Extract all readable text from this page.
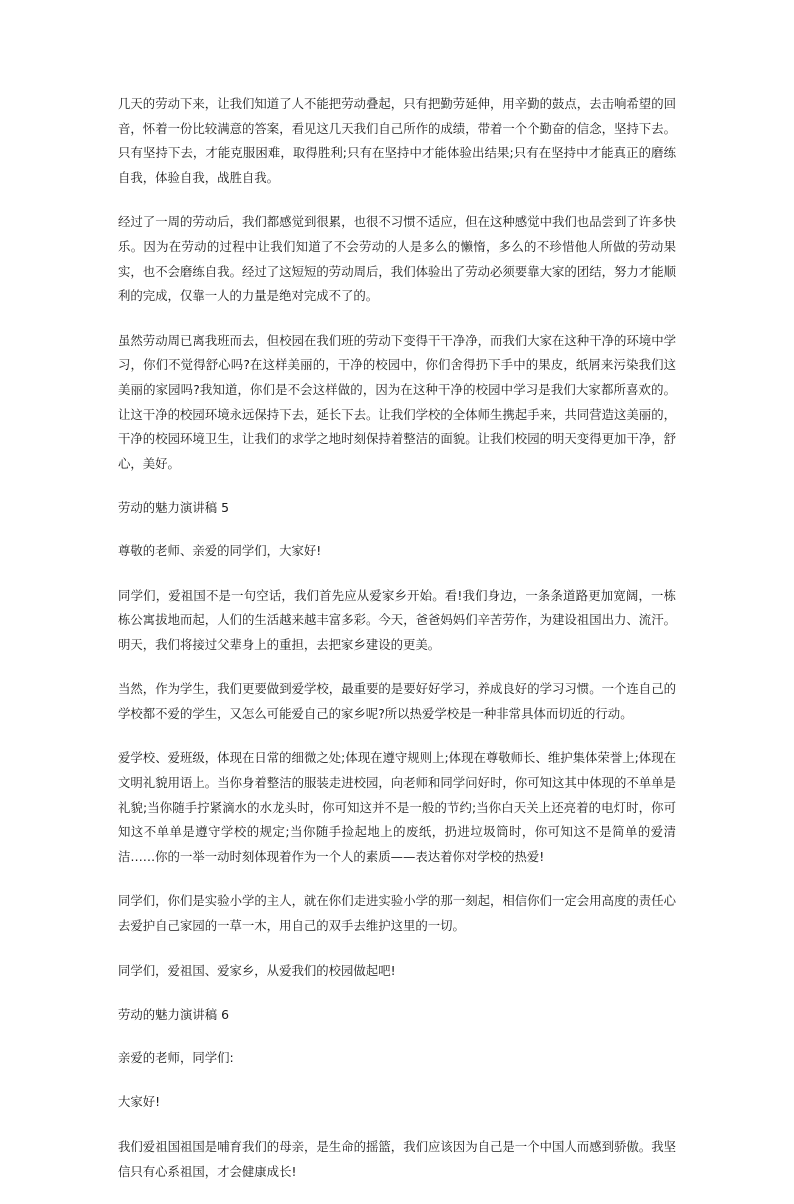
几天的劳动下来，让我们知道了人不能把劳动叠起，只有把勤劳延伸，用辛勤的鼓点，去击响希望的回音，怀着一份比较满意的答案，看见这几天我们自己所作的成绩，带着一个个勤奋的信念，坚持下去。只有坚持下去，才能克服困难，取得胜利;只有在坚持中才能体验出结果;只有在坚持中才能真正的磨练自我，体验自我，战胜自我。

经过了一周的劳动后，我们都感觉到很累，也很不习惯不适应，但在这种感觉中我们也品尝到了许多快乐。因为在劳动的过程中让我们知道了不会劳动的人是多么的懒惰，多么的不珍惜他人所做的劳动果实，也不会磨练自我。经过了这短短的劳动周后，我们体验出了劳动必须要靠大家的团结，努力才能顺利的完成，仅靠一人的力量是绝对完成不了的。

虽然劳动周已离我班而去，但校园在我们班的劳动下变得干干净净，而我们大家在这种干净的环境中学习，你们不觉得舒心吗?在这样美丽的，干净的校园中，你们舍得扔下手中的果皮，纸屑来污染我们这美丽的家园吗?我知道，你们是不会这样做的，因为在这种干净的校园中学习是我们大家都所喜欢的。让这干净的校园环境永远保持下去，延长下去。让我们学校的全体师生携起手来，共同营造这美丽的，干净的校园环境卫生，让我们的求学之地时刻保持着整洁的面貌。让我们校园的明天变得更加干净，舒心，美好。

劳动的魅力演讲稿 5

尊敬的老师、亲爱的同学们，大家好!

同学们，爱祖国不是一句空话，我们首先应从爱家乡开始。看!我们身边，一条条道路更加宽阔，一栋栋公寓拔地而起，人们的生活越来越丰富多彩。今天，爸爸妈妈们辛苦劳作，为建设祖国出力、流汗。明天，我们将接过父辈身上的重担，去把家乡建设的更美。

当然，作为学生，我们更要做到爱学校，最重要的是要好好学习，养成良好的学习习惯。一个连自己的学校都不爱的学生，又怎么可能爱自己的家乡呢?所以热爱学校是一种非常具体而切近的行动。

爱学校、爱班级，体现在日常的细微之处;体现在遵守规则上;体现在尊敬师长、维护集体荣誉上;体现在文明礼貌用语上。当你身着整洁的服装走进校园，向老师和同学问好时，你可知这其中体现的不单单是礼貌;当你随手拧紧滴水的水龙头时，你可知这并不是一般的节约;当你白天关上还亮着的电灯时，你可知这不单单是遵守学校的规定;当你随手捡起地上的废纸，扔进垃圾筒时，你可知这不是简单的爱清洁……你的一举一动时刻体现着作为一个人的素质——表达着你对学校的热爱!

同学们，你们是实验小学的主人，就在你们走进实验小学的那一刻起，相信你们一定会用高度的责任心去爱护自己家园的一草一木，用自己的双手去维护这里的一切。

同学们，爱祖国、爱家乡，从爱我们的校园做起吧!

劳动的魅力演讲稿 6

亲爱的老师，同学们:

大家好!

我们爱祖国祖国是哺育我们的母亲，是生命的摇篮，我们应该因为自己是一个中国人而感到骄傲。我坚信只有心系祖国，才会健康成长!
